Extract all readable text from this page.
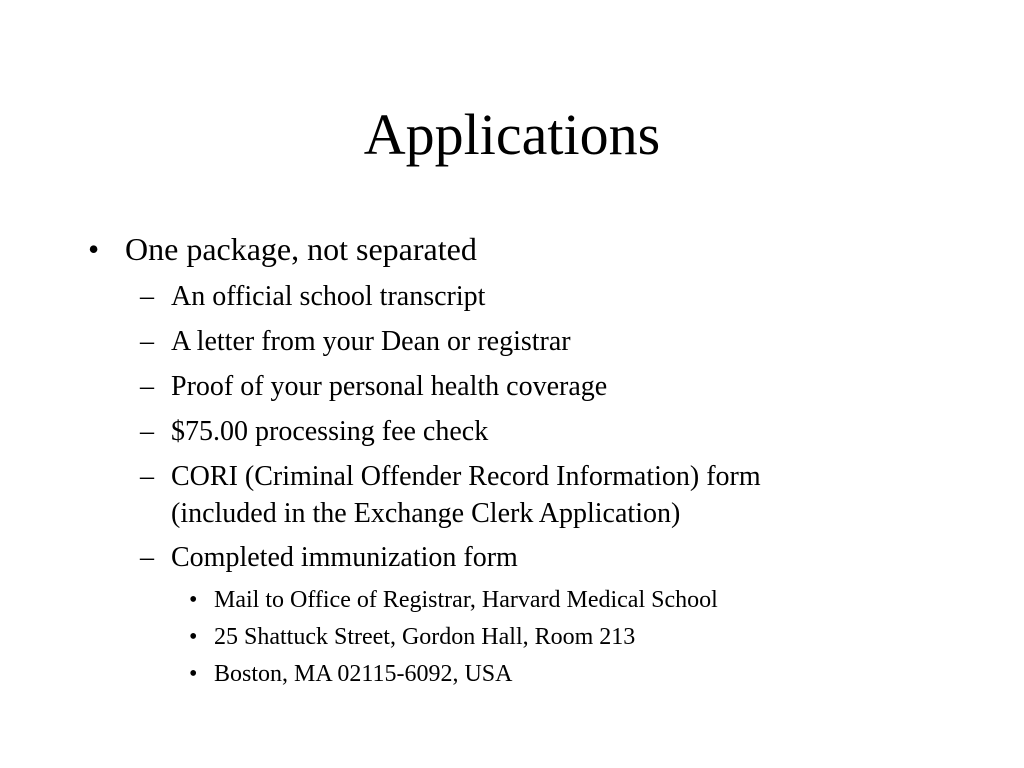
Applications
• One package, not separated
– An official school transcript
– A letter from your Dean or registrar
– Proof of your personal health coverage
– $75.00 processing fee check
– CORI (Criminal Offender Record Information) form
(included in the Exchange Clerk Application)
– Completed immunization form
• Mail to Office of Registrar, Harvard Medical School
• 25 Shattuck Street, Gordon Hall, Room 213
• Boston, MA 02115-6092, USA
